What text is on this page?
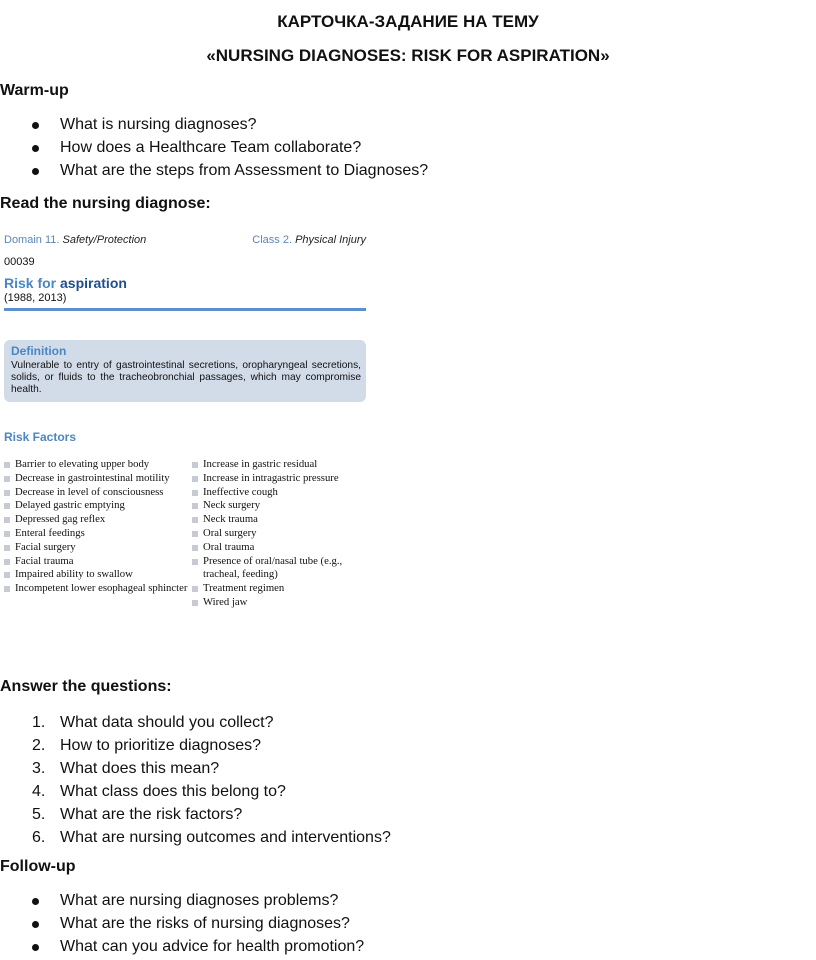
КАРТОЧКА-ЗАДАНИЕ НА ТЕМУ
«NURSING DIAGNOSES: RISK FOR ASPIRATION»
Warm-up
What is nursing diagnoses?
How does a Healthcare Team collaborate?
What are the steps from Assessment to Diagnoses?
Read the nursing diagnose:
Domain 11. Safety/Protection	Class 2. Physical Injury
00039
Risk for aspiration
(1988, 2013)
Definition
Vulnerable to entry of gastrointestinal secretions, oropharyngeal secretions, solids, or fluids to the tracheobronchial passages, which may compromise health.
Risk Factors
Barrier to elevating upper body
Decrease in gastrointestinal motility
Decrease in level of consciousness
Delayed gastric emptying
Depressed gag reflex
Enteral feedings
Facial surgery
Facial trauma
Impaired ability to swallow
Incompetent lower esophageal sphincter
Increase in gastric residual
Increase in intragastric pressure
Ineffective cough
Neck surgery
Neck trauma
Oral surgery
Oral trauma
Presence of oral/nasal tube (e.g., tracheal, feeding)
Treatment regimen
Wired jaw
Answer the questions:
1. What data should you collect?
2. How to prioritize diagnoses?
3. What does this mean?
4. What class does this belong to?
5. What are the risk factors?
6. What are nursing outcomes and interventions?
Follow-up
What are nursing diagnoses problems?
What are the risks of nursing diagnoses?
What can you advice for health promotion?
